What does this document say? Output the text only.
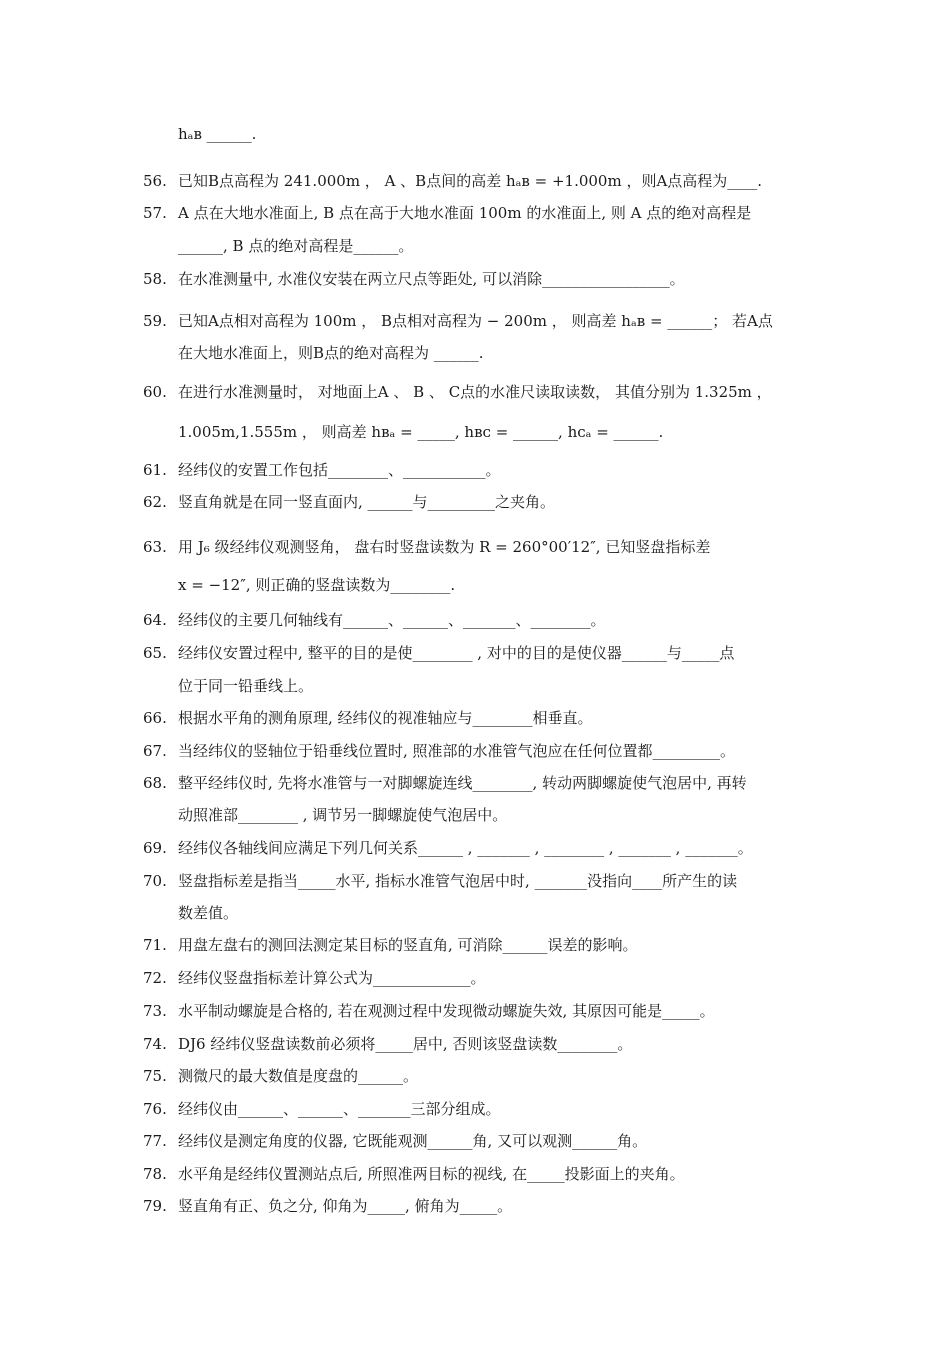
hₐʙ ______.
56. 已知B点高程为 241.000m ， A 、B点间的高差 hₐʙ = +1.000m ，则A点高程为____.
57. A 点在大地水准面上, B 点在高于大地水准面 100m 的水准面上, 则 A 点的绝对高程是
______, B 点的绝对高程是______。
58. 在水准测量中, 水准仪安装在两立尺点等距处, 可以消除_________________。
59. 已知A点相对高程为 100m ， B点相对高程为 − 200m ， 则高差 hₐʙ = ______； 若A点
在大地水准面上，则B点的绝对高程为 ______.
60. 在进行水准测量时， 对地面上A 、 B 、 C点的水准尺读取读数， 其值分别为 1.325m ，
1.005m,1.555m ， 则高差 hʙₐ = _____, hʙᴄ = ______, hᴄₐ = ______.
61. 经纬仪的安置工作包括________、___________。
62. 竖直角就是在同一竖直面内, ______与_________之夹角。
63. 用 J₆ 级经纬仪观测竖角， 盘右时竖盘读数为 R = 260°00′12″, 已知竖盘指标差
x = −12″, 则正确的竖盘读数为________.
64. 经纬仪的主要几何轴线有______、______、_______、________。
65. 经纬仪安置过程中, 整平的目的是使________ , 对中的目的是使仪器______与_____点
位于同一铅垂线上。
66. 根据水平角的测角原理, 经纬仪的视准轴应与________相垂直。
67. 当经纬仪的竖轴位于铅垂线位置时, 照准部的水准管气泡应在任何位置都_________。
68. 整平经纬仪时, 先将水准管与一对脚螺旋连线________, 转动两脚螺旋使气泡居中, 再转
动照准部________ , 调节另一脚螺旋使气泡居中。
69. 经纬仪各轴线间应满足下列几何关系______ , _______ , ________ , _______ , _______。
70. 竖盘指标差是指当_____水平, 指标水准管气泡居中时, _______没指向____所产生的读
数差值。
71. 用盘左盘右的测回法测定某目标的竖直角, 可消除______误差的影响。
72. 经纬仪竖盘指标差计算公式为_____________。
73. 水平制动螺旋是合格的, 若在观测过程中发现微动螺旋失效, 其原因可能是_____。
74. DJ6 经纬仪竖盘读数前必须将_____居中, 否则该竖盘读数________。
75. 测微尺的最大数值是度盘的______。
76. 经纬仪由______、______、_______三部分组成。
77. 经纬仪是测定角度的仪器, 它既能观测______角, 又可以观测______角。
78. 水平角是经纬仪置测站点后, 所照准两目标的视线, 在_____投影面上的夹角。
79. 竖直角有正、负之分, 仰角为_____, 俯角为_____。
